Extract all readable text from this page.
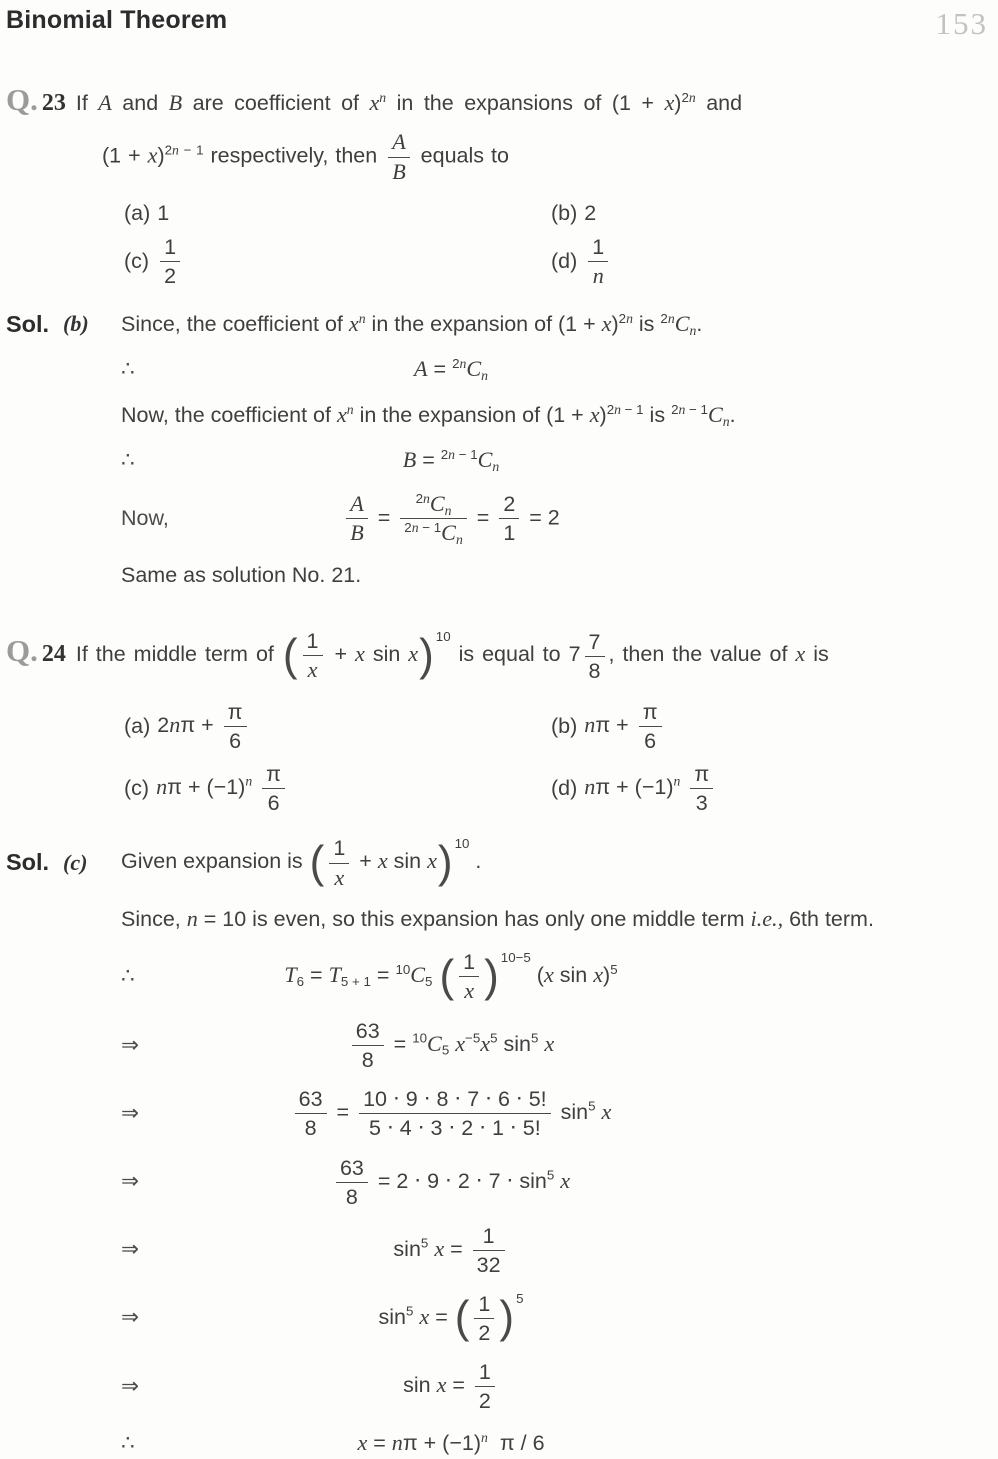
Binomial Theorem	153
Q. 23 If A and B are coefficient of $x^n$ in the expansions of $(1 + x)^{2n}$ and
$(1 + x)^{2n - 1}$ respectively, then $\frac{A}{B}$ equals to
(a) 1	(b) 2
$(c) \frac{1}{2}$	$(d) \frac{1}{n}$
Sol. (b)	Since, the coefficient of $x^n$ in the expansion of $(1 + x)^{2n}$ is $^{2n}C_n$.
∴	$A = ^{2n}C_n$
Now, the coefficient of $x^n$ in the expansion of $(1 + x)^{2n - 1}$ is $^{2n - 1}C_n$.
∴	$B = ^{2n - 1}C_n$
Now,	$\frac{A}{B}$ =
$^{2n}C_n$
$^{2n - 1}C_n$
= $\frac{2}{1} = 2$
Same as solution No. 21.
Q. 24 If the middle term of ( $\frac{1}{x} + x$ sin x) $^{10}$ is equal to $7 \frac{7}{8}$ , then the value of x is
(a) $2n\pi + \frac{\pi}{6}$	(b) $n\pi + \frac{\pi}{6}$
(c) $n\pi + (-1)^n \frac{\pi}{6}$	(d) $n\pi + (-1)^n \frac{\pi}{3}$
Sol. (c)	Given expansion is ( $\frac{1}{x} + x$ sin x) $^{10}$ .
Since, n = 10 is even, so this expansion has only one middle term i.e., 6th term.
∴	$T_6 = T_{5 + 1} = ^{10}C_5$ ( $\frac{1}{x}$ ) $^{10-5}$ (x sin x)$^5$
⇒	$\frac{63}{8} = ^{10}C_5$ $x^{-5}x^5$ $\sin^5 x$
⇒	$\frac{63}{8} = \frac{10 \cdot 9 \cdot 8 \cdot 7 \cdot 6 \cdot 5!}{5 \cdot 4 \cdot 3 \cdot 2 \cdot 1 \cdot 5!} \sin^5 x$
⇒	$\frac{63}{8} = 2 \cdot 9 \cdot 2 \cdot 7 \cdot \sin^5 x$
⇒	$\sin^5 x = \frac{1}{32}$
⇒	$\sin^5 x$ = ( $\frac{1}{2}$ ) $^5$
⇒	$\sin x = \frac{1}{2}$
∴	$x = n\pi + (-1)^n$  π / 6
